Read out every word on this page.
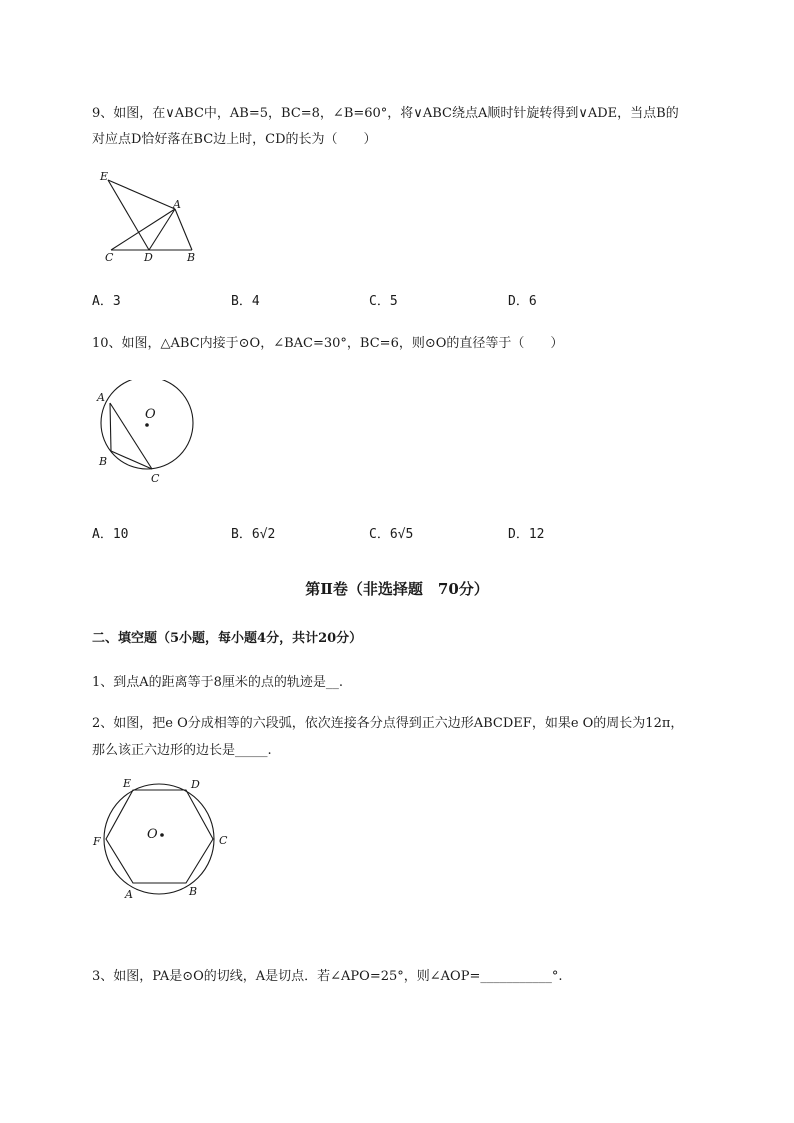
9、如图，在∨ABC中，AB=5，BC=8，∠B=60°，将∨ABC绕点A顺时针旋转得到∨ADE，当点B的
对应点D恰好落在BC边上时，CD的长为（　　）
E
A
C	D	B
A．3	B．4	C．5	D．6
10、如图，△ABC内接于⊙O，∠BAC=30°，BC=6，则⊙O的直径等于（　　）
A
O
B
C
A．10	B．6√2	C．6√5	D．12
第Ⅱ卷（非选择题　70分）
二、填空题（5小题，每小题4分，共计20分）
1、到点A的距离等于8厘米的点的轨迹是__.
2、如图，把e O分成相等的六段弧，依次连接各分点得到正六边形ABCDEF，如果e O的周长为12π，
那么该正六边形的边长是_____.
E	D
F	O	C
A	B
3、如图，PA是⊙O的切线，A是切点．若∠APO=25°，则∠AOP=___________°.
